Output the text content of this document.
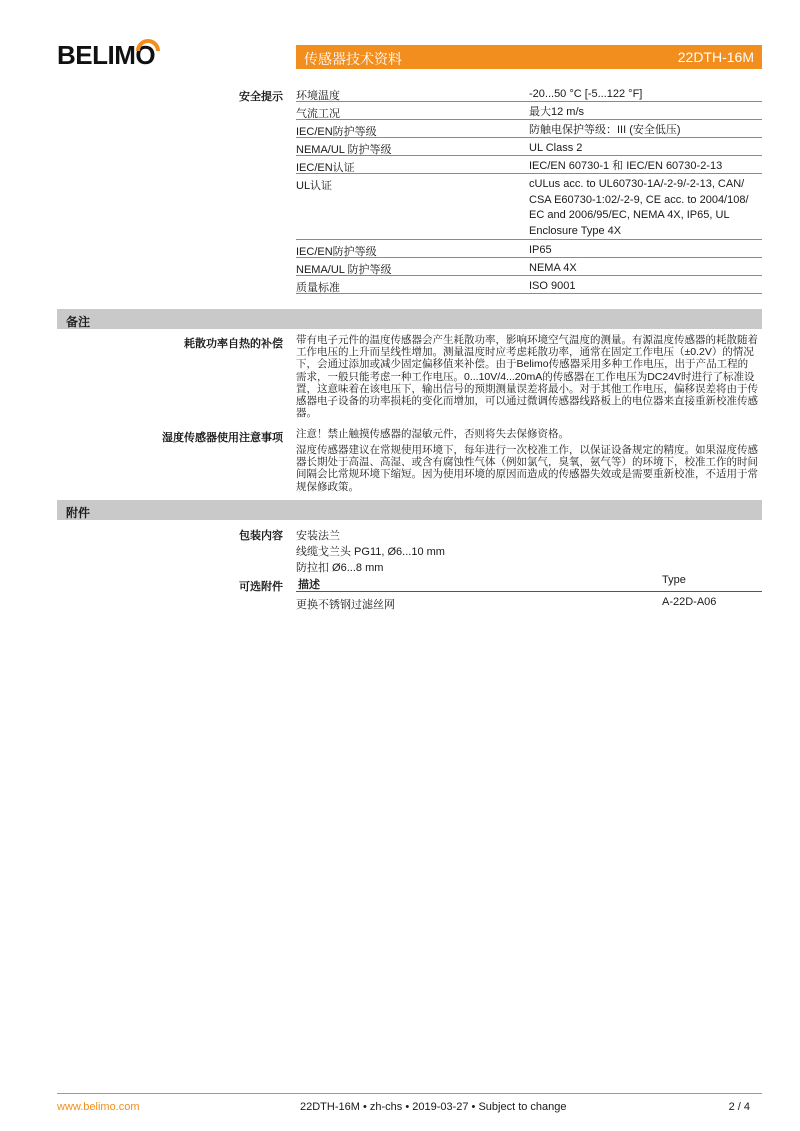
BELIMO	传感器技术资料	22DTH-16M
安全提示 环境温度	-20...50 °C [-5...122 °F]
气流工况	最大12 m/s
IEC/EN防护等级	防触电保护等级：III (安全低压)
NEMA/UL 防护等级	UL Class 2
IEC/EN认证	IEC/EN 60730-1 和 IEC/EN 60730-2-13
UL认证	cULus acc. to UL60730-1A/-2-9/-2-13, CAN/ CSA E60730-1:02/-2-9, CE acc. to 2004/108/ EC and 2006/95/EC, NEMA 4X, IP65, UL Enclosure Type 4X
IEC/EN防护等级	IP65
NEMA/UL 防护等级	NEMA 4X
质量标准	ISO 9001
备注
耗散功率自热的补偿 带有电子元件的温度传感器会产生耗散功率，影响环境空气温度的测量。有源温度传感器的耗散随着工作电压的上升而呈线性增加。测量温度时应考虑耗散功率，通常在固定工作电压（±0.2V）的情况下，会通过添加或减少固定偏移值来补偿。由于Belimo传感器采用多种工作电压，出于产品工程的需求，一般只能考虑一种工作电压。0...10V/4...20mA的传感器在工作电压为DC24V时进行了标准设置，这意味着在该电压下，输出信号的预期测量误差将最小。对于其他工作电压，偏移误差将由于传感器电子设备的功率损耗的变化而增加，可以通过微调传感器线路板上的电位器来直接重新校准传感器。
湿度传感器使用注意事项 注意！禁止触摸传感器的湿敏元件，否则将失去保修资格。
湿度传感器建议在常规使用环境下，每年进行一次校准工作，以保证设备规定的精度。如果湿度传感器长期处于高温、高湿、或含有腐蚀性气体（例如氯气，臭氧，氨气等）的环境下，校准工作的时间间隔会比常规环境下缩短。因为使用环境的原因而造成的传感器失效或是需要重新校准，不适用于常规保修政策。
附件
包装内容 安装法兰
线缆戈兰头 PG11, Ø6...10 mm
防拉扣 Ø6...8 mm
可选附件 描述	Type
更换不锈钢过滤丝网	A-22D-A06
www.belimo.com	22DTH-16M • zh-chs • 2019-03-27 • Subject to change	2 / 4
